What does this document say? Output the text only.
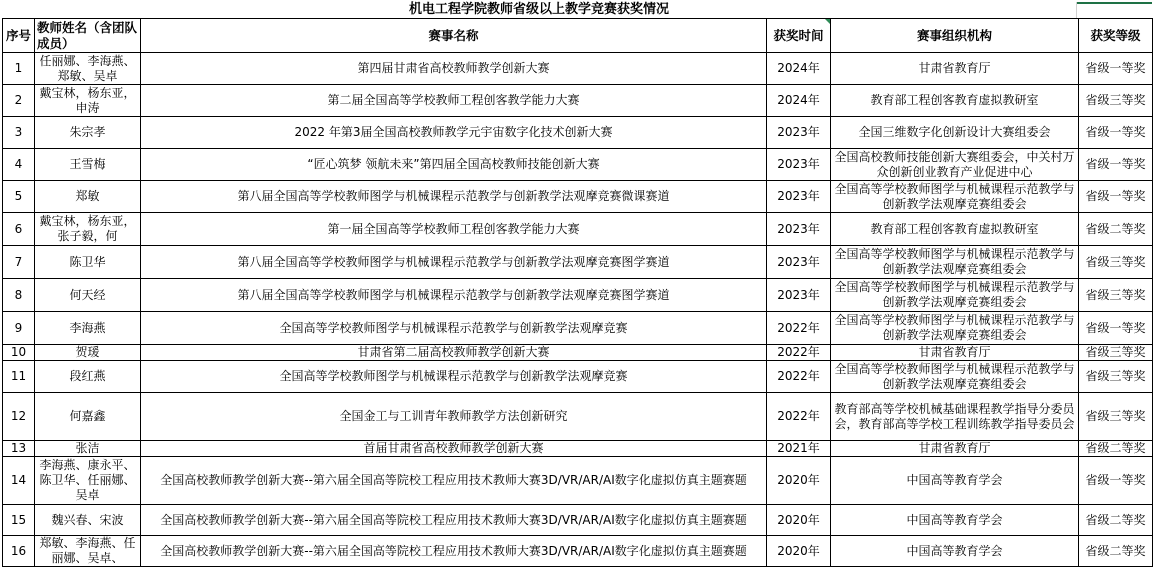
机电工程学院教师省级以上教学竞赛获奖情况
序号	教师姓名（含团队成员）	赛事名称	获奖时间	赛事组织机构	获奖等级
1	任丽娜、李海燕、郑敏、吴卓	第四届甘肃省高校教师教学创新大赛	2024年	甘肃省教育厅	省级一等奖
2	戴宝林，杨东亚，申涛	第二届全国高等学校教师工程创客教学能力大赛	2024年	教育部工程创客教育虚拟教研室	省级三等奖
3	朱宗孝	2022 年第3届全国高校教师教学元宇宙数字化技术创新大赛	2023年	全国三维数字化创新设计大赛组委会	省级一等奖
4	王雪梅	“匠心筑梦 领航未来”第四届全国高校教师技能创新大赛	2023年	全国高校教师技能创新大赛组委会，中关村万众创新创业教育产业促进中心	省级一等奖
5	郑敏	第八届全国高等学校教师图学与机械课程示范教学与创新教学法观摩竞赛微课赛道	2023年	全国高等学校教师图学与机械课程示范教学与创新教学法观摩竞赛组委会	省级一等奖
6	戴宝林，杨东亚，张子毅，何	第一届全国高等学校教师工程创客教学能力大赛	2023年	教育部工程创客教育虚拟教研室	省级二等奖
7	陈卫华	第八届全国高等学校教师图学与机械课程示范教学与创新教学法观摩竞赛图学赛道	2023年	全国高等学校教师图学与机械课程示范教学与创新教学法观摩竞赛组委会	省级三等奖
8	何天经	第八届全国高等学校教师图学与机械课程示范教学与创新教学法观摩竞赛图学赛道	2023年	全国高等学校教师图学与机械课程示范教学与创新教学法观摩竞赛组委会	省级三等奖
9	李海燕	全国高等学校教师图学与机械课程示范教学与创新教学法观摩竞赛	2022年	全国高等学校教师图学与机械课程示范教学与创新教学法观摩竞赛组委会	省级一等奖
10	贺瑗	甘肃省第二届高校教师教学创新大赛	2022年	甘肃省教育厅	省级三等奖
11	段红燕	全国高等学校教师图学与机械课程示范教学与创新教学法观摩竞赛	2022年	全国高等学校教师图学与机械课程示范教学与创新教学法观摩竞赛组委会	省级三等奖
12	何嘉鑫	全国金工与工训青年教师教学方法创新研究	2022年	教育部高等学校机械基础课程教学指导分委员会，教育部高等学校工程训练教学指导委员会	省级三等奖
13	张洁	首届甘肃省高校教师教学创新大赛	2021年	甘肃省教育厅	省级二等奖
14	李海燕、康永平、陈卫华、任丽娜、吴卓	全国高校教师教学创新大赛--第六届全国高等院校工程应用技术教师大赛3D/VR/AR/AI数字化虚拟仿真主题赛题	2020年	中国高等教育学会	省级一等奖
15	魏兴春、宋波	全国高校教师教学创新大赛--第六届全国高等院校工程应用技术教师大赛3D/VR/AR/AI数字化虚拟仿真主题赛题	2020年	中国高等教育学会	省级二等奖
16	郑敏、李海燕、任丽娜、吴卓、	全国高校教师教学创新大赛--第六届全国高等院校工程应用技术教师大赛3D/VR/AR/AI数字化虚拟仿真主题赛题	2020年	中国高等教育学会	省级二等奖
